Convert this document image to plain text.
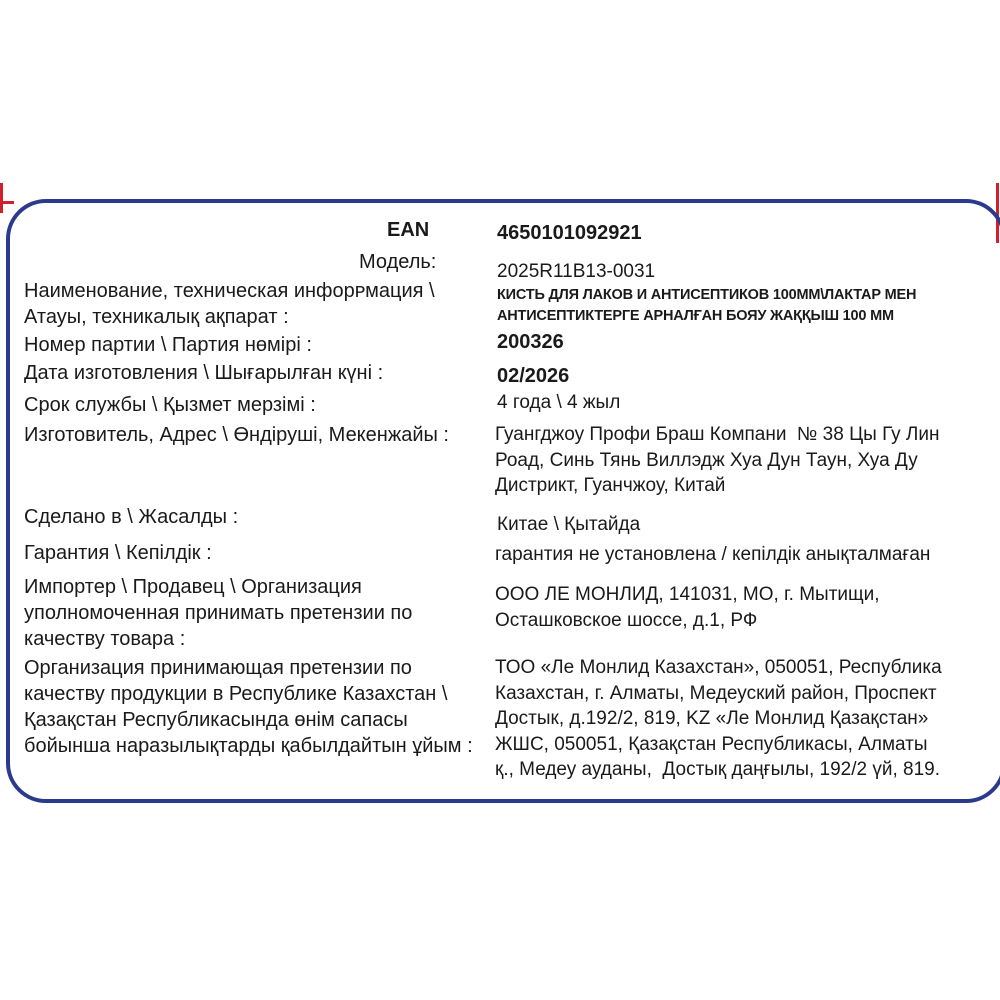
EAN	4650101092921
Модель:	2025R11B13-0031
Наименование, техническая инфорᴘмация \
Атауы, техникалық ақпарат :
КИСТЬ ДЛЯ ЛАКОВ И АНТИСЕПТИКОВ 100ММ\ЛАКТАР МЕН
АНТИСЕПТИКТЕРГЕ АРНАЛҒАН БОЯУ ЖАҚҚЫШ 100 ММ
Номер партии \ Партия нөмірі :	200326
Дата изготовления \ Шығарылған күні :	02/2026
Срок службы \ Қызмет мерзімі :	4 года \ 4 жыл
Изготовитель, Адрес \ Өндіруші, Мекенжайы : Гуангджоу Профи Браш Компани  № 38 Цы Гу Лин
Роад, Синь Тянь Виллэдж Хуа Дун Таун, Хуа Ду
Дистрикт, Гуанчжоу, Китай
Сделано в \ Жасалды :	Китае \ Қытайда
Гарантия \ Кепілдік :	гарантия не установлена / кепілдік анықталмаған
Импортер \ Продавец \ Организация
уполномоченная принимать претензии по
качеству товара :
ООО ЛЕ МОНЛИД, 141031, МО, г. Мытищи,
Осташковское шоссе, д.1, РФ
Организация принимающая претензии по
качеству продукции в Республике Казахстан \
Қазақстан Республикасында өнім сапасы
бойынша наразылықтарды қабылдайтын ұйым :
ТОО «Ле Монлид Казахстан», 050051, Республика
Казахстан, г. Алматы, Медеуский район, Проспект
Достык, д.192/2, 819, KZ «Ле Монлид Қазақстан»
ЖШС, 050051, Қазақстан Республикасы, Алматы
қ., Медеу ауданы,  Достық даңғылы, 192/2 үй, 819.
